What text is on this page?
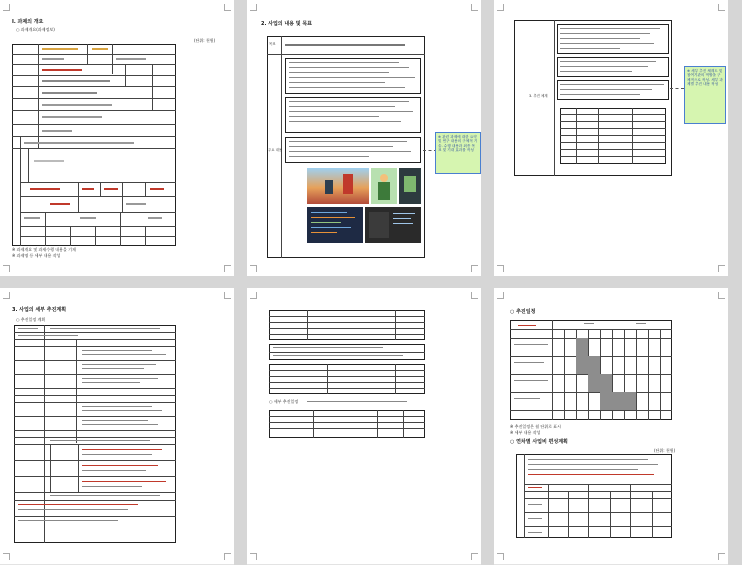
Ⅰ. 과제의 개요
○ 과제개요(과제정보)
(단위: 천원)
※ 과제개요 및 과제수행 내용을 기재
※ 과제명 등 세부 내용 작성
2. 사업의 내용 및 목표
목표
주요 내용
※ 관련 과제에 대한 요약 및 연구 내용의 구체적 기술. 수행 내용과 최종 목표 및 기대 효과를 작성
3. 추진 체계
※ 세부 추진 체계도 및 참여기관의 역할을 구체적으로 작성. 세부 과제별 추진 내용 작성
3. 사업의 세부 추진계획
○ 추진일정 계획
○ 세부 추진일정
○ 추진일정
※ 추진일정은 월 단위로 표시
※ 세부 내용 작성
○ 연차별 사업비 편성계획
(단위: 천원)
